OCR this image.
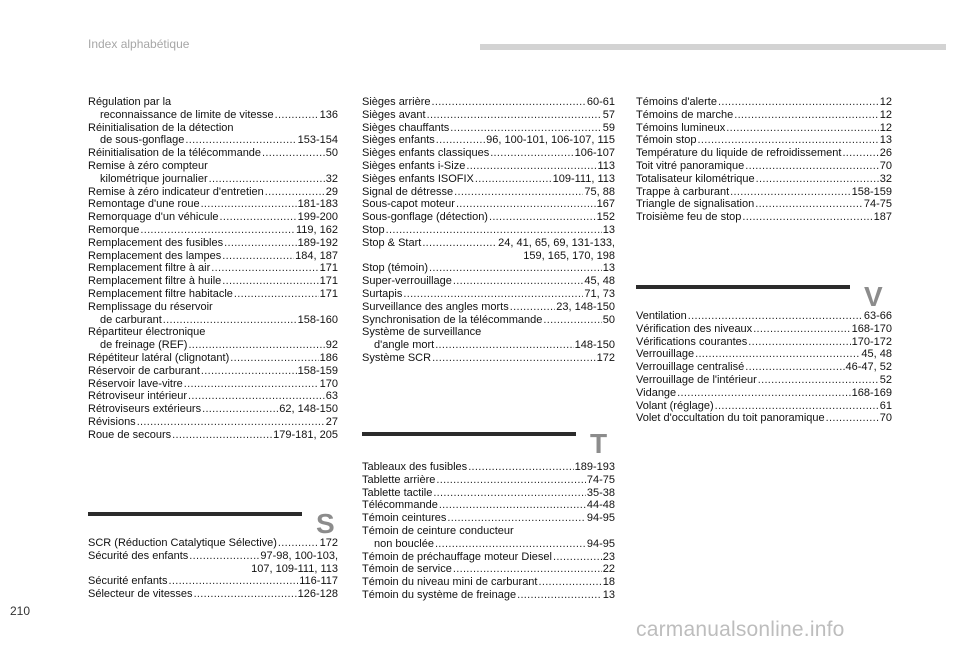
Index alphabétique
Régulation par la
reconnaissance de limite de vitesse .....	136
Réinitialisation de la détection
de sous-gonflage .....	153-154
Réinitialisation de la télécommande .....	50
Remise à zéro compteur
kilométrique journalier .....	32
Remise à zéro indicateur d'entretien .....	29
Remontage d'une roue .....	181-183
Remorquage d'un véhicule .....	199-200
Remorque .....	119, 162
Remplacement des fusibles .....	189-192
Remplacement des lampes .....	184, 187
Remplacement filtre à air .....	171
Remplacement filtre à huile .....	171
Remplacement filtre habitacle .....	171
Remplissage du réservoir
de carburant .....	158-160
Répartiteur électronique
de freinage (REF) .....	92
Répétiteur latéral (clignotant) .....	186
Réservoir de carburant .....	158-159
Réservoir lave-vitre .....	170
Rétroviseur intérieur .....	63
Rétroviseurs extérieurs .....	62, 148-150
Révisions .....	27
Roue de secours .....	179-181, 205
S
SCR (Réduction Catalytique Sélective) .....	172
Sécurité des enfants .....	97-98, 100-103,
107, 109-111, 113
Sécurité enfants .....	116-117
Sélecteur de vitesses .....	126-128
Sièges arrière .....	60-61
Sièges avant .....	57
Sièges chauffants .....	59
Sièges enfants .....	96, 100-101, 106-107, 115
Sièges enfants classiques .....	106-107
Sièges enfants i-Size .....	113
Sièges enfants ISOFIX .....	109-111, 113
Signal de détresse .....	75, 88
Sous-capot moteur .....	167
Sous-gonflage (détection) .....	152
Stop .....	13
Stop & Start .....	24, 41, 65, 69, 131-133,
159, 165, 170, 198
Stop (témoin) .....	13
Super-verrouillage .....	45, 48
Surtapis .....	71, 73
Surveillance des angles morts .....	23, 148-150
Synchronisation de la télécommande .....	50
Système de surveillance
d'angle mort .....	148-150
Système SCR .....	172
T
Tableaux des fusibles .....	189-193
Tablette arrière .....	74-75
Tablette tactile .....	35-38
Télécommande .....	44-48
Témoin ceintures .....	94-95
Témoin de ceinture conducteur
non bouclée .....	94-95
Témoin de préchauffage moteur Diesel .....	23
Témoin de service .....	22
Témoin du niveau mini de carburant .....	18
Témoin du système de freinage .....	13
Témoins d'alerte .....	12
Témoins de marche .....	12
Témoins lumineux .....	12
Témoin stop .....	13
Température du liquide de refroidissement .....	26
Toit vitré panoramique .....	70
Totalisateur kilométrique .....	32
Trappe à carburant .....	158-159
Triangle de signalisation .....	74-75
Troisième feu de stop .....	187
V
Ventilation .....	63-66
Vérification des niveaux .....	168-170
Vérifications courantes .....	170-172
Verrouillage .....	45, 48
Verrouillage centralisé .....	46-47, 52
Verrouillage de l'intérieur .....	52
Vidange .....	168-169
Volant (réglage) .....	61
Volet d'occultation du toit panoramique .....	70
210
carmanualsonline.info
